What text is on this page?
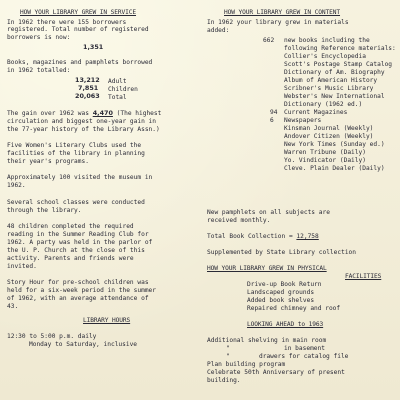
HOW YOUR LIBRARY GREW IN SERVICE
In 1962 there were 155 borrowers
registered. Total number of registered
borrowers is now:
1,351
Books, magazines and pamphlets borrowed
in 1962 totalled:
13,212 Adult
7,851 Children
20,063 Total
The gain over 1962 was 4,470 (The highest
circulation and biggest one-year gain in
the 77-year history of the Library Assn.)
Five Women's Literary Clubs used the
facilities of the library in planning
their year's programs.
Approximately 100 visited the museum in
1962.
Several school classes were conducted
through the library.
48 children completed the required
reading in the Summer Reading Club for
1962. A party was held in the parlor of
the U. P. Church at the close of this
activity. Parents and friends were
invited.
Story Hour for pre-school children was
held for a six-week period in the summer
of 1962, with an average attendance of
43.
LIBRARY HOURS
12:30 to 5:00 p.m. daily
Monday to Saturday, inclusive
HOW YOUR LIBRARY GREW IN CONTENT
In 1962 your library grew in materials
added:
662 new books including the
following Reference materials:
Collier's Encyclopedia
Scott's Postage Stamp Catalog
Dictionary of Am. Biography
Album of American History
Scribner's Music Library
Webster's New International
Dictionary (1962 ed.)
94 Current Magazines
6 Newspapers
Kinsman Journal (Weekly)
Andover Citizen (Weekly)
New York Times (Sunday ed.)
Warren Tribune (Daily)
Yo. Vindicator (Daily)
Cleve. Plain Dealer (Daily)
New pamphlets on all subjects are
received monthly.
Total Book Collection = 12,758
Supplemented by State Library collection
HOW YOUR LIBRARY GREW IN PHYSICAL
FACILITIES
Drive-up Book Return
Landscaped grounds
Added book shelves
Repaired chimney and roof
LOOKING AHEAD to 1963
Additional shelving in main room
"	in basement
"	drawers for catalog file
Plan building program
Celebrate 50th Anniversary of present
building.
